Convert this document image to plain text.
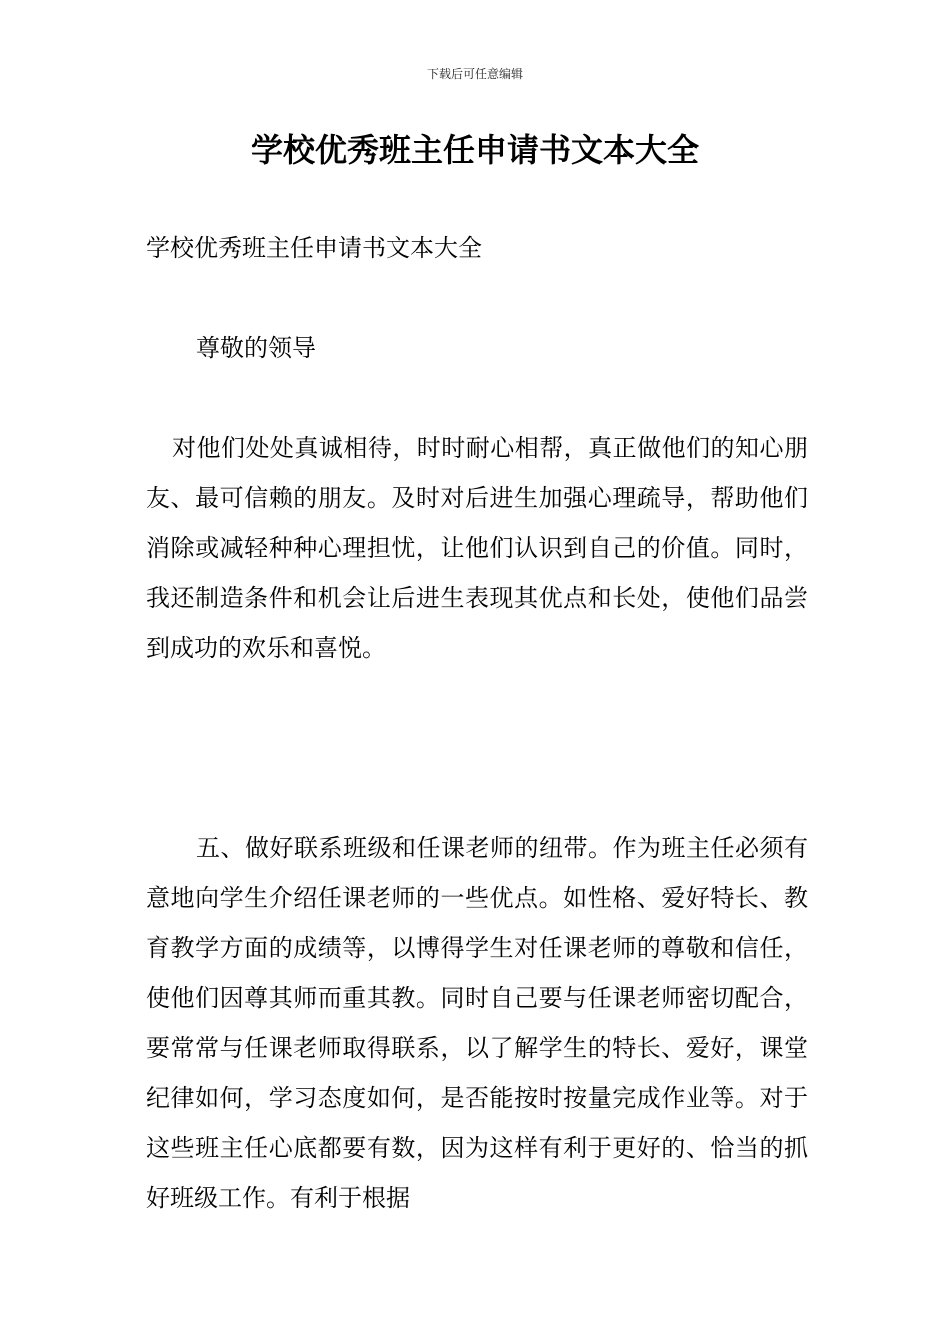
下载后可任意编辑
学校优秀班主任申请书文本大全

学校优秀班主任申请书文本大全

尊敬的领导

对他们处处真诚相待，时时耐心相帮，真正做他们的知心朋友、最可信赖的朋友。及时对后进生加强心理疏导，帮助他们消除或减轻种种心理担忧，让他们认识到自己的价值。同时，我还制造条件和机会让后进生表现其优点和长处，使他们品尝到成功的欢乐和喜悦。

五、做好联系班级和任课老师的纽带。作为班主任必须有意地向学生介绍任课老师的一些优点。如性格、爱好特长、教育教学方面的成绩等，以博得学生对任课老师的尊敬和信任，使他们因尊其师而重其教。同时自己要与任课老师密切配合，要常常与任课老师取得联系，以了解学生的特长、爱好，课堂纪律如何，学习态度如何，是否能按时按量完成作业等。对于这些班主任心底都要有数，因为这样有利于更好的、恰当的抓好班级工作。有利于根据
